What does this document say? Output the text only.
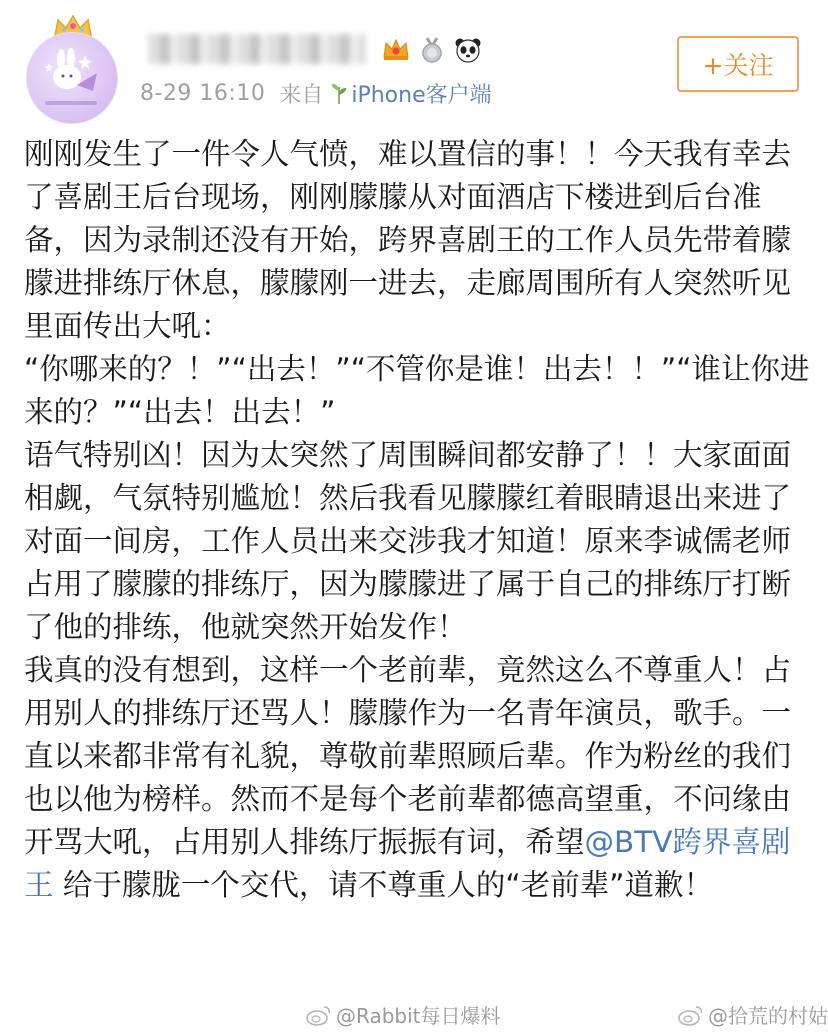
8-29 16:10 来自 iPhone客户端
+关注

刚刚发生了一件令人气愤，难以置信的事！！今天我有幸去了喜剧王后台现场，刚刚朦朦从对面酒店下楼进到后台准备，因为录制还没有开始，跨界喜剧王的工作人员先带着朦朦进排练厅休息，朦朦刚一进去，走廊周围所有人突然听见里面传出大吼：

“你哪来的？！”“出去！”“不管你是谁！出去！！”“谁让你进来的？”“出去！出去！”

语气特别凶！因为太突然了周围瞬间都安静了！！大家面面相觑，气氛特别尴尬！然后我看见朦朦红着眼睛退出来进了对面一间房，工作人员出来交涉我才知道！原来李诚儒老师占用了朦朦的排练厅，因为朦朦进了属于自己的排练厅打断了他的排练，他就突然开始发作！

我真的没有想到，这样一个老前辈，竟然这么不尊重人！占用别人的排练厅还骂人！朦朦作为一名青年演员，歌手。一直以来都非常有礼貌，尊敬前辈照顾后辈。作为粉丝的我们也以他为榜样。然而不是每个老前辈都德高望重，不问缘由开骂大吼，占用别人排练厅振振有词，希望@BTV跨界喜剧王 给于朦胧一个交代，请不尊重人的“老前辈”道歉！

@Rabbit每日爆料	@拾荒的村姑
